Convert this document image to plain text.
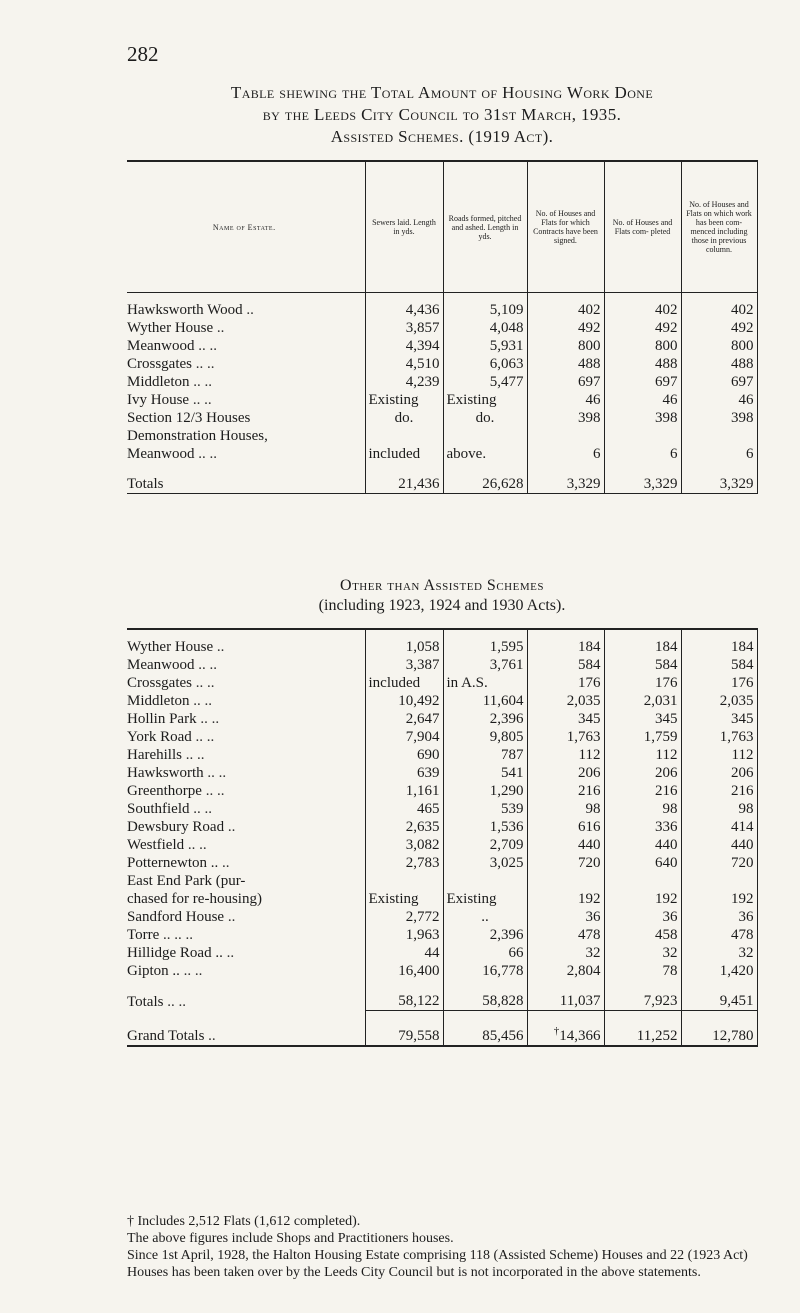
282
Table shewing the Total Amount of Housing Work Done
by the Leeds City Council to 31st March, 1935.
Assisted Schemes. (1919 Act).
Name of Estate.	Sewers laid. Length in yds.	Roads formed, pitched and ashed. Length in yds.	No. of Houses and Flats for which Contracts have been signed.	No. of Houses and Flats com- pleted	No. of Houses and Flats on which work has been com- menced including those in previous column.
Hawksworth Wood ..	4,436	5,109	402	402	402
Wyther House ..	3,857	4,048	492	492	492
Meanwood .. ..	4,394	5,931	800	800	800
Crossgates .. ..	4,510	6,063	488	488	488
Middleton .. ..	4,239	5,477	697	697	697
Ivy House .. ..	Existing	Existing	46	46	46
Section 12/3 Houses	do.	do.	398	398	398
Demonstration Houses,					
Meanwood .. ..	included	above.	6	6	6
Totals	21,436	26,628	3,329	3,329	3,329
Other than Assisted Schemes
(including 1923, 1924 and 1930 Acts).
Wyther House ..	1,058	1,595	184	184	184
Meanwood .. ..	3,387	3,761	584	584	584
Crossgates .. ..	included	in A.S.	176	176	176
Middleton .. ..	10,492	11,604	2,035	2,031	2,035
Hollin Park .. ..	2,647	2,396	345	345	345
York Road .. ..	7,904	9,805	1,763	1,759	1,763
Harehills .. ..	690	787	112	112	112
Hawksworth .. ..	639	541	206	206	206
Greenthorpe .. ..	1,161	1,290	216	216	216
Southfield .. ..	465	539	98	98	98
Dewsbury Road ..	2,635	1,536	616	336	414
Westfield .. ..	3,082	2,709	440	440	440
Potternewton .. ..	2,783	3,025	720	640	720
East End Park (pur-					
chased for re-housing)	Existing	Existing	192	192	192
Sandford House ..	2,772	..	36	36	36
Torre .. .. ..	1,963	2,396	478	458	478
Hillidge Road .. ..	44	66	32	32	32
Gipton .. .. ..	16,400	16,778	2,804	78	1,420
Totals .. ..	58,122	58,828	11,037	7,923	9,451
Grand Totals ..	79,558	85,456	†14,366	11,252	12,780

† Includes 2,512 Flats (1,612 completed).

The above figures include Shops and Practitioners houses.

Since 1st April, 1928, the Halton Housing Estate comprising 118 (Assisted Scheme) Houses and 22 (1923 Act) Houses has been taken over by the Leeds City Council but is not incorporated in the above statements.
